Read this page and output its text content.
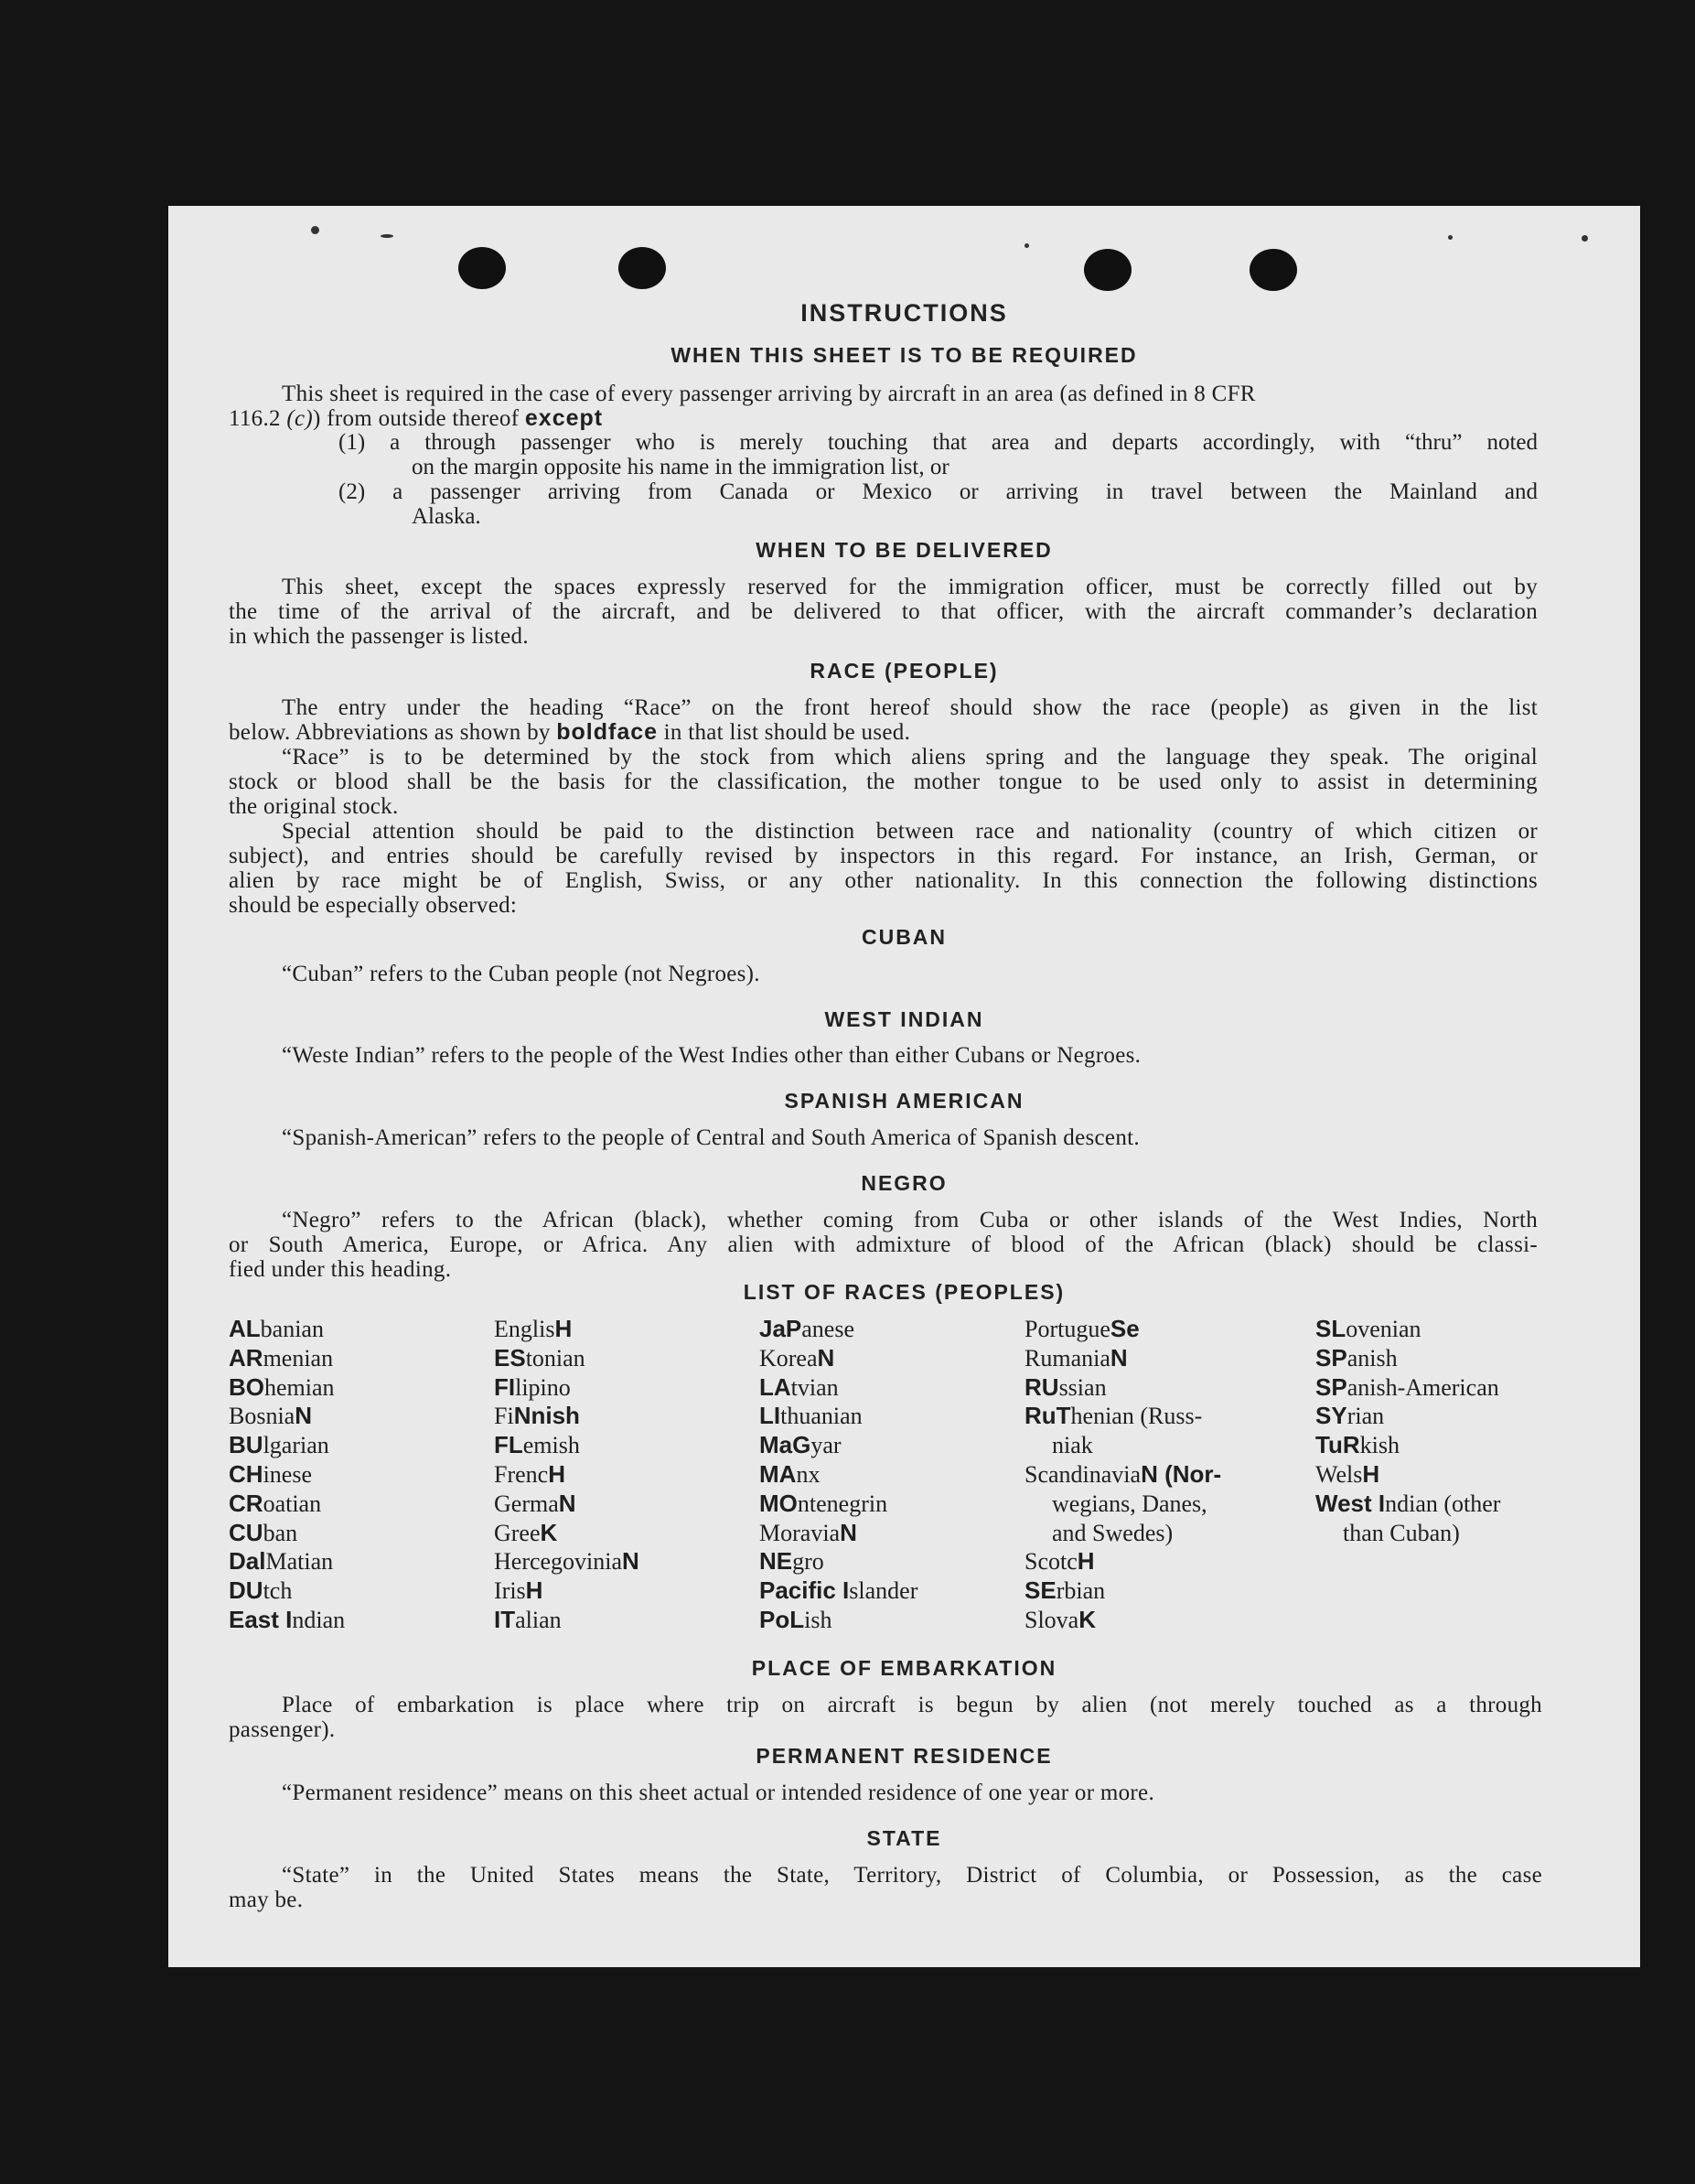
INSTRUCTIONS
WHEN THIS SHEET IS TO BE REQUIRED
This sheet is required in the case of every passenger arriving by aircraft in an area (as defined in 8 CFR
116.2 (c)) from outside thereof except
(1) a through passenger who is merely touching that area and departs accordingly, with “thru” noted
on the margin opposite his name in the immigration list, or
(2) a passenger arriving from Canada or Mexico or arriving in travel between the Mainland and
Alaska.
WHEN TO BE DELIVERED
This sheet, except the spaces expressly reserved for the immigration officer, must be correctly filled out by
the time of the arrival of the aircraft, and be delivered to that officer, with the aircraft commander’s declaration
in which the passenger is listed.
RACE (PEOPLE)
The entry under the heading “Race” on the front hereof should show the race (people) as given in the list
below. Abbreviations as shown by boldface in that list should be used.
“Race” is to be determined by the stock from which aliens spring and the language they speak. The original
stock or blood shall be the basis for the classification, the mother tongue to be used only to assist in determining
the original stock.
Special attention should be paid to the distinction between race and nationality (country of which citizen or
subject), and entries should be carefully revised by inspectors in this regard. For instance, an Irish, German, or
alien by race might be of English, Swiss, or any other nationality. In this connection the following distinctions
should be especially observed:
CUBAN
“Cuban” refers to the Cuban people (not Negroes).
WEST INDIAN
“Weste Indian” refers to the people of the West Indies other than either Cubans or Negroes.
SPANISH AMERICAN
“Spanish-American” refers to the people of Central and South America of Spanish descent.
NEGRO
“Negro” refers to the African (black), whether coming from Cuba or other islands of the West Indies, North
or South America, Europe, or Africa. Any alien with admixture of blood of the African (black) should be classi-
fied under this heading.
LIST OF RACES (PEOPLES)
ALbanian
ARmenian
BOhemian
BosniaN
BUlgarian
CHinese
CRoatian
CUban
DalMatian
DUtch
East Indian
EnglisH
EStonian
FIlipino
FiNnish
FLemish
FrencH
GermaN
GreeK
HercegoviniaN
IrisH
ITalian
JaPanese
KoreaN
LAtvian
LIthuanian
MaGyar
MAnx
MOntenegrin
MoraviaN
NEgro
Pacific Islander
PoLish
PortugueSe
RumaniaN
RUssian
RuThenian (Russ-
niak
ScandinaviaN (Nor-
wegians, Danes,
and Swedes)
ScotcH
SErbian
SlovaK
SLovenian
SPanish
SPanish-American
SYrian
TuRkish
WelsH
West Indian (other
than Cuban)
PLACE OF EMBARKATION
Place of embarkation is place where trip on aircraft is begun by alien (not merely touched as a through
passenger).
PERMANENT RESIDENCE
“Permanent residence” means on this sheet actual or intended residence of one year or more.
STATE
“State” in the United States means the State, Territory, District of Columbia, or Possession, as the case
may be.
